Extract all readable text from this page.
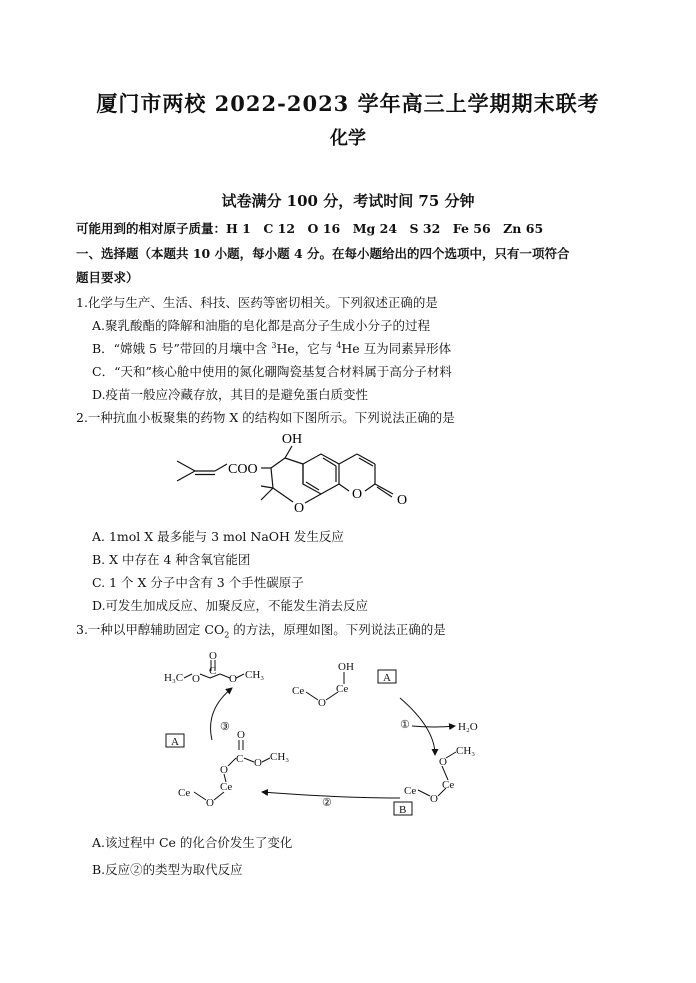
厦门市两校 2022-2023 学年高三上学期期末联考
化学
试卷满分 100 分，考试时间 75 分钟
可能用到的相对原子质量：H 1　C 12　O 16　Mg 24　S 32　Fe 56　Zn 65
一、选择题（本题共 10 小题，每小题 4 分。在每小题给出的四个选项中，只有一项符合
题目要求）
1.化学与生产、生活、科技、医药等密切相关。下列叙述正确的是
A.聚乳酸酯的降解和油脂的皂化都是高分子生成小分子的过程
B．“嫦娥 5 号”带回的月壤中含 $^3$He，它与 $^4$He 互为同素异形体
C．“天和”核心舱中使用的氮化硼陶瓷基复合材料属于高分子材料
D.疫苗一般应冷藏存放，其目的是避免蛋白质变性
2.一种抗血小板聚集的药物 X 的结构如下图所示。下列说法正确的是
OH
COO
O
O O
A. 1mol X 最多能与 3 mol NaOH 发生反应
B. X 中存在 4 种含氧官能团
C. 1 个 X 分子中含有 3 个手性碳原子
D.可发生加成反应、加聚反应，不能发生消去反应
3.一种以甲醇辅助固定 $CO_2$ 的方法，原理如图。下列说法正确的是
H₃C O
C
O
O CH₃
Ce
O
Ce
OH
A
A
B
①
②
③	H₂O
Ce
O
Ce
O
CH₃
Ce
O
Ce
O
C
O
O CH₃
A.该过程中 Ce 的化合价发生了变化
B.反应②的类型为取代反应
